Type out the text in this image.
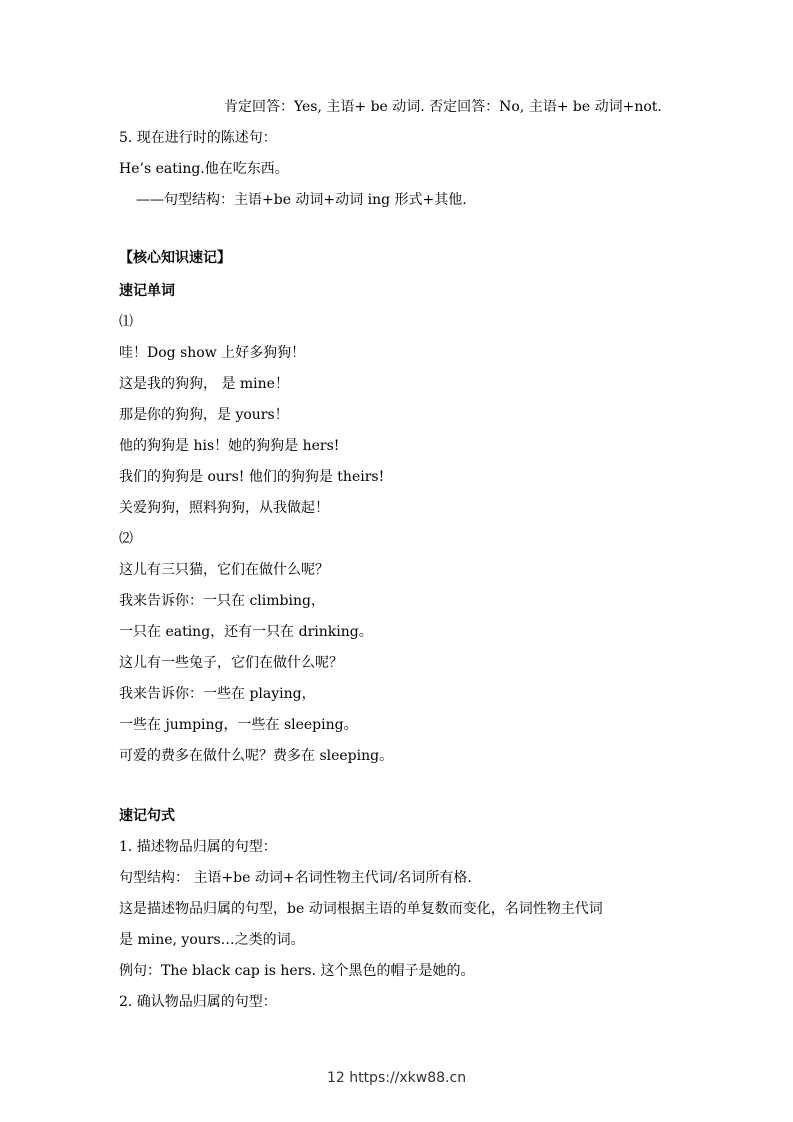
肯定回答：Yes, 主语+ be 动词. 否定回答：No, 主语+ be 动词+not.
5. 现在进行时的陈述句：
He’s eating.他在吃东西。
——句型结构：主语+be 动词+动词 ing 形式+其他.
【核心知识速记】
速记单词
⑴
哇！Dog show 上好多狗狗！
这是我的狗狗， 是 mine！
那是你的狗狗，是 yours！
他的狗狗是 his！她的狗狗是 hers!
我们的狗狗是 ours! 他们的狗狗是 theirs!
关爱狗狗，照料狗狗，从我做起！
⑵
这儿有三只猫，它们在做什么呢？
我来告诉你：一只在 climbing，
一只在 eating，还有一只在 drinking。
这儿有一些兔子，它们在做什么呢？
我来告诉你：一些在 playing，
一些在 jumping，一些在 sleeping。
可爱的费多在做什么呢？费多在 sleeping。
速记句式
1. 描述物品归属的句型：
句型结构： 主语+be 动词+名词性物主代词/名词所有格.
这是描述物品归属的句型，be 动词根据主语的单复数而变化，名词性物主代词
是 mine, yours…之类的词。
例句：The black cap is hers. 这个黑色的帽子是她的。
2. 确认物品归属的句型：
12 https://xkw88.cn
